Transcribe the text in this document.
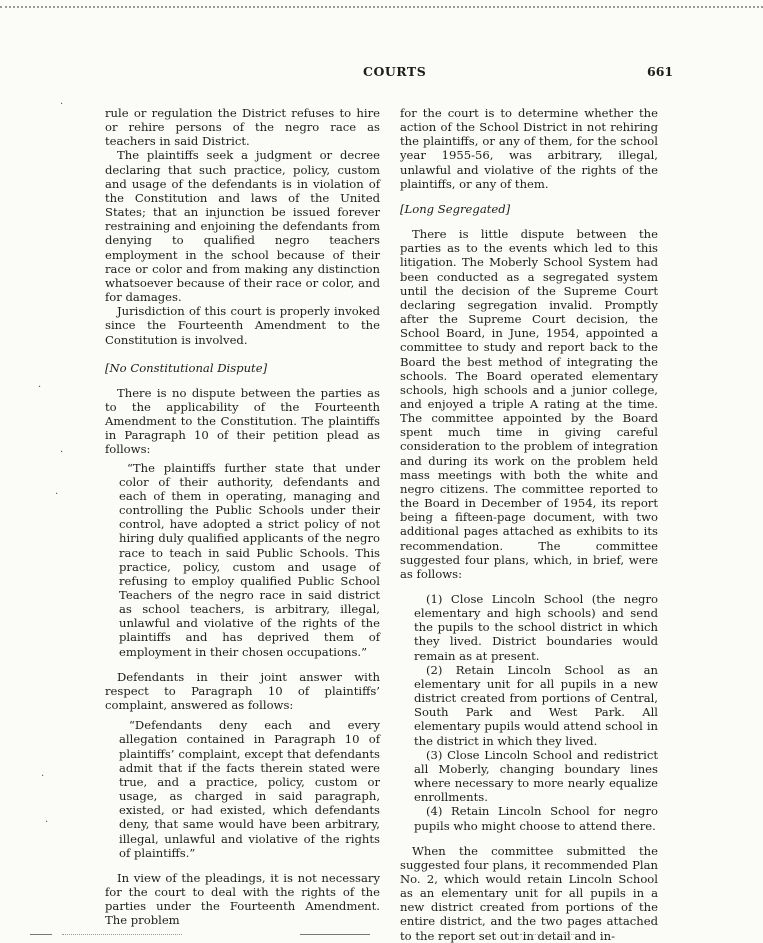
COURTS	661

rule or regulation the District refuses to hire or rehire persons of the negro race as teachers in said District.

The plaintiffs seek a judgment or decree declaring that such practice, policy, custom and usage of the defendants is in violation of the Constitution and laws of the United States; that an injunction be issued forever restraining and enjoining the defendants from denying to qualified negro teachers employment in the school because of their race or color and from making any distinction whatsoever because of their race or color, and for damages.

Jurisdiction of this court is properly invoked since the Fourteenth Amendment to the Constitution is involved.

[No Constitutional Dispute]

There is no dispute between the parties as to the applicability of the Fourteenth Amendment to the Constitution. The plaintiffs in Paragraph 10 of their petition plead as follows:

“The plaintiffs further state that under color of their authority, defendants and each of them in operating, managing and controlling the Public Schools under their control, have adopted a strict policy of not hiring duly qualified applicants of the negro race to teach in said Public Schools. This practice, policy, custom and usage of refusing to employ qualified Public School Teachers of the negro race in said district as school teachers, is arbitrary, illegal, unlawful and violative of the rights of the plaintiffs and has deprived them of employment in their chosen occupations.”

Defendants in their joint answer with respect to Paragraph 10 of plaintiffs’ complaint, answered as follows:

“Defendants deny each and every allegation contained in Paragraph 10 of plaintiffs’ complaint, except that defendants admit that if the facts therein stated were true, and a practice, policy, custom or usage, as charged in said paragraph, existed, or had existed, which defendants deny, that same would have been arbitrary, illegal, unlawful and violative of the rights of plaintiffs.”

In view of the pleadings, it is not necessary for the court to deal with the rights of the parties under the Fourteenth Amendment. The problem

for the court is to determine whether the action of the School District in not rehiring the plaintiffs, or any of them, for the school year 1955-56, was arbitrary, illegal, unlawful and violative of the rights of the plaintiffs, or any of them.

[Long Segregated]

There is little dispute between the parties as to the events which led to this litigation. The Moberly School System had been conducted as a segregated system until the decision of the Supreme Court declaring segregation invalid. Promptly after the Supreme Court decision, the School Board, in June, 1954, appointed a committee to study and report back to the Board the best method of integrating the schools. The Board operated elementary schools, high schools and a junior college, and enjoyed a triple A rating at the time. The committee appointed by the Board spent much time in giving careful consideration to the problem of integration and during its work on the problem held mass meetings with both the white and negro citizens. The committee reported to the Board in December of 1954, its report being a fifteen-page document, with two additional pages attached as exhibits to its recommendation. The committee suggested four plans, which, in brief, were as follows:

(1) Close Lincoln School (the negro elementary and high schools) and send the pupils to the school district in which they lived. District boundaries would remain as at present.

(2) Retain Lincoln School as an elementary unit for all pupils in a new district created from portions of Central, South Park and West Park. All elementary pupils would attend school in the district in which they lived.

(3) Close Lincoln School and redistrict all Moberly, changing boundary lines where necessary to more nearly equalize enrollments.

(4) Retain Lincoln School for negro pupils who might choose to attend there.

When the committee submitted the suggested four plans, it recommended Plan No. 2, which would retain Lincoln School as an elementary unit for all pupils in a new district created from portions of the entire district, and the two pages attached to the report set out in detail and in-

·
·
·
·
·
·
